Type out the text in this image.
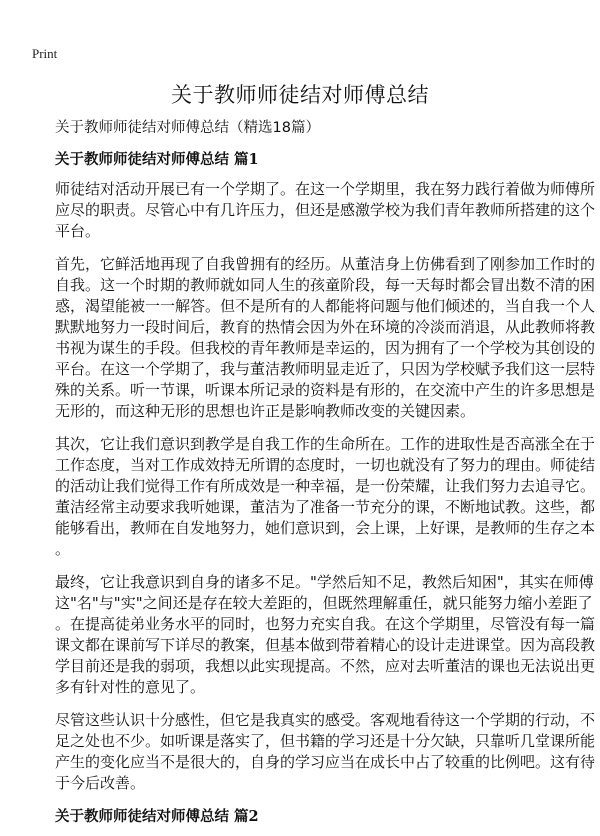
Print
关于教师师徒结对师傅总结
关于教师师徒结对师傅总结（精选18篇）
关于教师师徒结对师傅总结 篇1
师徒结对活动开展已有一个学期了。在这一个学期里，我在努力践行着做为师傅所
应尽的职责。尽管心中有几许压力，但还是感激学校为我们青年教师所搭建的这个
平台。
首先，它鲜活地再现了自我曾拥有的经历。从董洁身上仿佛看到了刚参加工作时的
自我。这一个时期的教师就如同人生的孩童阶段，每一天每时都会冒出数不清的困
惑，渴望能被一一解答。但不是所有的人都能将问题与他们倾述的，当自我一个人
默默地努力一段时间后，教育的热情会因为外在环境的冷淡而消退，从此教师将教
书视为谋生的手段。但我校的青年教师是幸运的，因为拥有了一个学校为其创设的
平台。在这一个学期了，我与董洁教师明显走近了，只因为学校赋予我们这一层特
殊的关系。听一节课，听课本所记录的资料是有形的，在交流中产生的许多思想是
无形的，而这种无形的思想也许正是影响教师改变的关键因素。
其次，它让我们意识到教学是自我工作的生命所在。工作的进取性是否高涨全在于
工作态度，当对工作成效持无所谓的态度时，一切也就没有了努力的理由。师徒结
的活动让我们觉得工作有所成效是一种幸福，是一份荣耀，让我们努力去追寻它。
董洁经常主动要求我听她课，董洁为了准备一节充分的课，不断地试教。这些，都
能够看出，教师在自发地努力，她们意识到，会上课，上好课，是教师的生存之本
。
最终，它让我意识到自身的诸多不足。"学然后知不足，教然后知困"，其实在师傅
这"名"与"实"之间还是存在较大差距的，但既然理解重任，就只能努力缩小差距了
。在提高徒弟业务水平的同时，也努力充实自我。在这个学期里，尽管没有每一篇
课文都在课前写下详尽的教案，但基本做到带着精心的设计走进课堂。因为高段教
学目前还是我的弱项，我想以此实现提高。不然，应对去听董洁的课也无法说出更
多有针对性的意见了。
尽管这些认识十分感性，但它是我真实的感受。客观地看待这一个学期的行动，不
足之处也不少。如听课是落实了，但书籍的学习还是十分欠缺，只靠听几堂课所能
产生的变化应当不是很大的，自身的学习应当在成长中占了较重的比例吧。这有待
于今后改善。
关于教师师徒结对师傅总结 篇2
